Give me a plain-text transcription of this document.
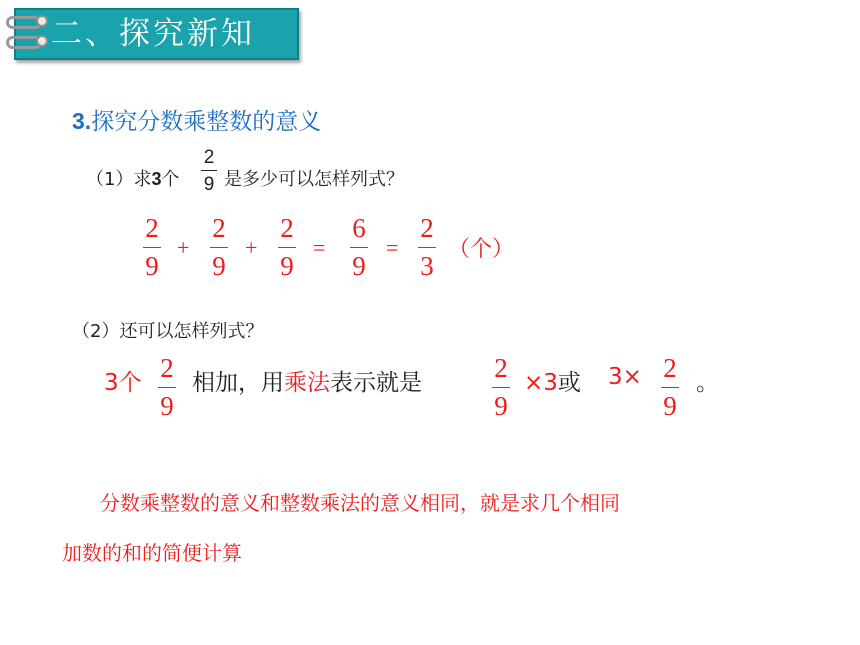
二、探究新知
3.探究分数乘整数的意义
（1）求3个
2
9 是多少可以怎样列式？
2
9
+
2
9
+
2
9
=
6
9
=
2
3
（个）
（2）还可以怎样列式？
3个 2
9
相加，用乘法表示就是	2
9
×3或 3× 2
9
。
分数乘整数的意义和整数乘法的意义相同，就是求几个相同
加数的和的简便计算
